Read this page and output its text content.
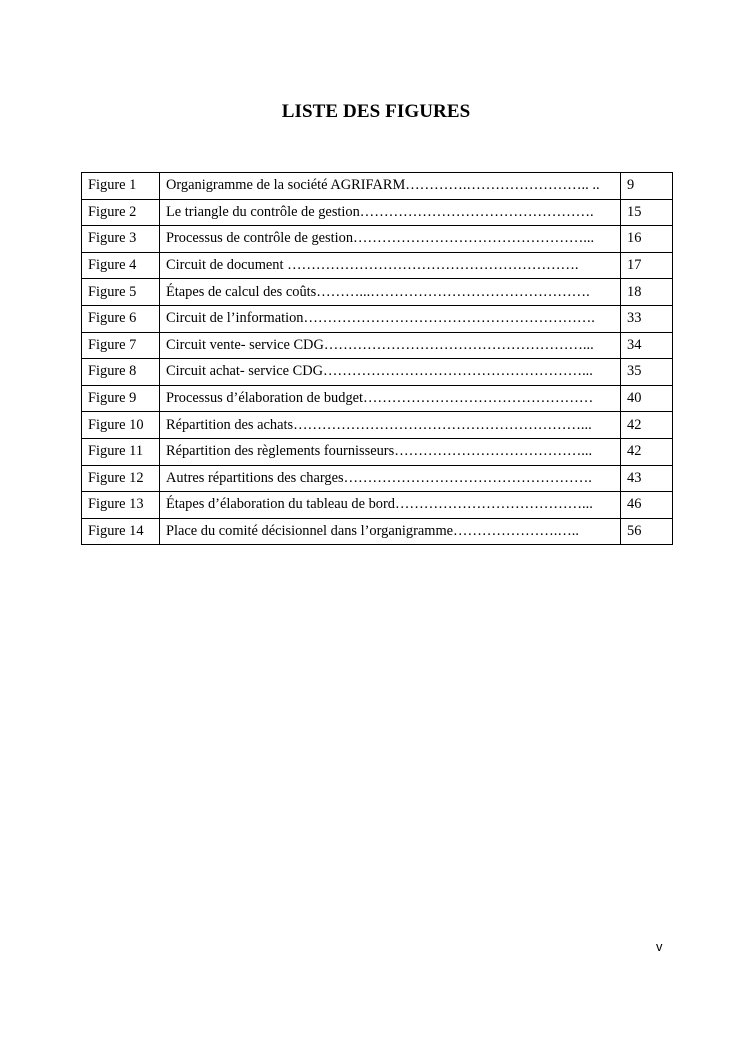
LISTE DES FIGURES
Figure 1	Organigramme de la société AGRIFARM………….…………………….. ..	9
Figure 2	Le triangle du contrôle de gestion………………………………………….	15
Figure 3	Processus de contrôle de gestion…………………………………………...	16
Figure 4	Circuit de document …………………………………………………….	17
Figure 5	Étapes de calcul des coûts………...……………………………………….	18
Figure 6	Circuit de l’information…………………………………………………….	33
Figure 7	Circuit vente- service CDG………………………………………………...	34
Figure 8	Circuit achat- service CDG………………………………………………...	35
Figure 9	Processus d’élaboration de budget…………………………………………	40
Figure 10	Répartition des achats……………………………………………………...	42
Figure 11	Répartition des règlements fournisseurs…………………………………...	42
Figure 12	Autres répartitions des charges…………………………………………….	43
Figure 13	Étapes d’élaboration du tableau de bord…………………………………...	46
Figure 14	Place du comité décisionnel dans l’organigramme………………….…..	56
v
